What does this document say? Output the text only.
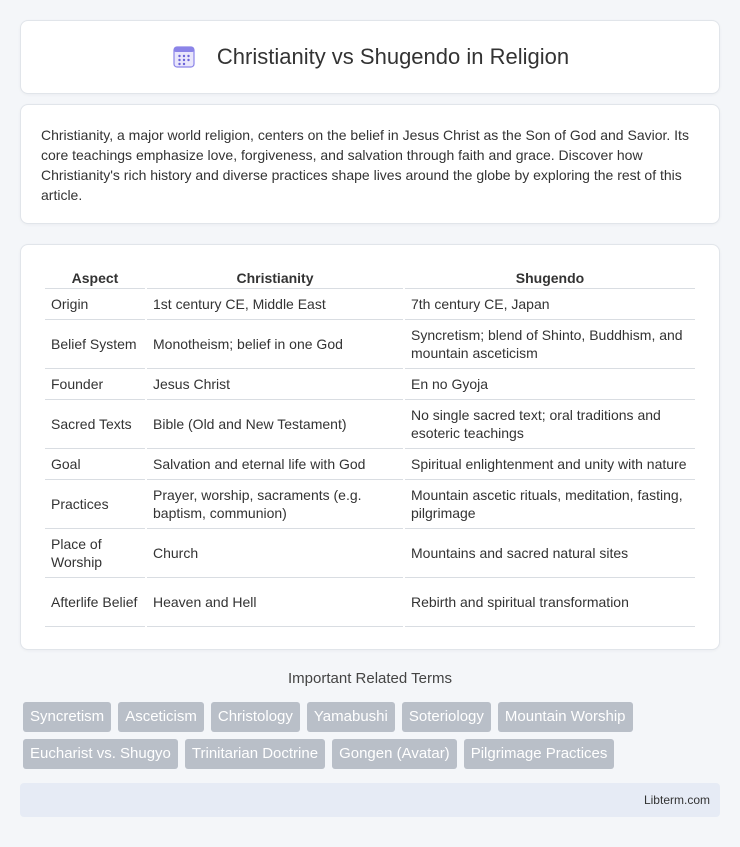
Christianity vs Shugendo in Religion

Christianity, a major world religion, centers on the belief in Jesus Christ as the Son of God and Savior. Its core teachings emphasize love, forgiveness, and salvation through faith and grace. Discover how Christianity's rich history and diverse practices shape lives around the globe by exploring the rest of this article.

Aspect	Christianity	Shugendo
Origin	1st century CE, Middle East	7th century CE, Japan
Belief System	Monotheism; belief in one God	Syncretism; blend of Shinto, Buddhism, and mountain asceticism
Founder	Jesus Christ	En no Gyoja
Sacred Texts	Bible (Old and New Testament)	No single sacred text; oral traditions and esoteric teachings
Goal	Salvation and eternal life with God	Spiritual enlightenment and unity with nature
Practices	Prayer, worship, sacraments (e.g. baptism, communion)	Mountain ascetic rituals, meditation, fasting, pilgrimage
Place of Worship	Church	Mountains and sacred natural sites
Afterlife Belief	Heaven and Hell	Rebirth and spiritual transformation
Important Related Terms
Syncretism	Asceticism	Christology	Yamabushi	Soteriology	Mountain Worship
Eucharist vs. Shugyo	Trinitarian Doctrine	Gongen (Avatar)	Pilgrimage Practices
Libterm.com
